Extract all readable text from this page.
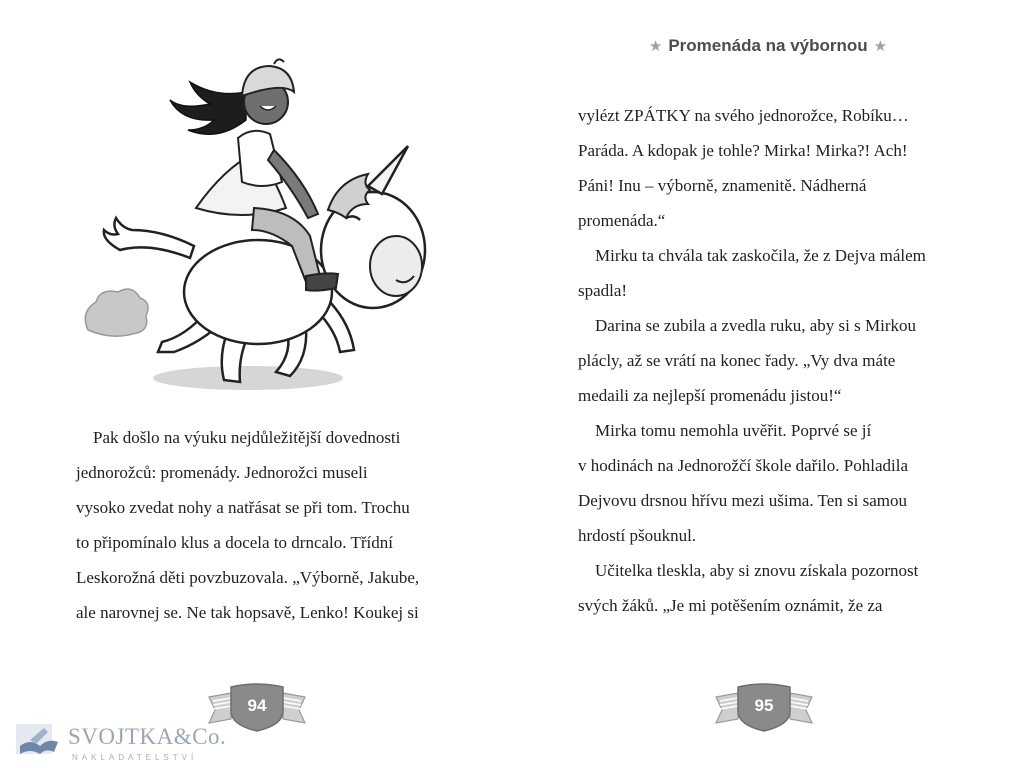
Pak došlo na výuku nejdůležitější dovednosti
jednorožců: promenády. Jednorožci museli
vysoko zvedat nohy a natřásat se při tom. Trochu
to připomínalo klus a docela to drncalo. Třídní
Leskorožná děti povzbuzovala. „Výborně, Jakube,
ale narovnej se. Ne tak hopsavě, Lenko! Koukej si

94
SVOJTKA&Co.
NAKLADATELSTVÍ
★ Promenáda na výbornou ★

vylézt ZPÁTKY na svého jednorožce, Robíku…
Paráda. A kdopak je tohle? Mirka! Mirka?! Ach!
Páni! Inu – výborně, znamenitě. Nádherná
promenáda.“

Mirku ta chvála tak zaskočila, že z Dejva málem
spadla!

Darina se zubila a zvedla ruku, aby si s Mirkou
plácly, až se vrátí na konec řady. „Vy dva máte
medaili za nejlepší promenádu jistou!“

Mirka tomu nemohla uvěřit. Poprvé se jí
v hodinách na Jednorožčí škole dařilo. Pohladila
Dejvovu drsnou hřívu mezi ušima. Ten si samou
hrdostí pšouknul.

Učitelka tleskla, aby si znovu získala pozornost
svých žáků. „Je mi potěšením oznámit, že za

95
